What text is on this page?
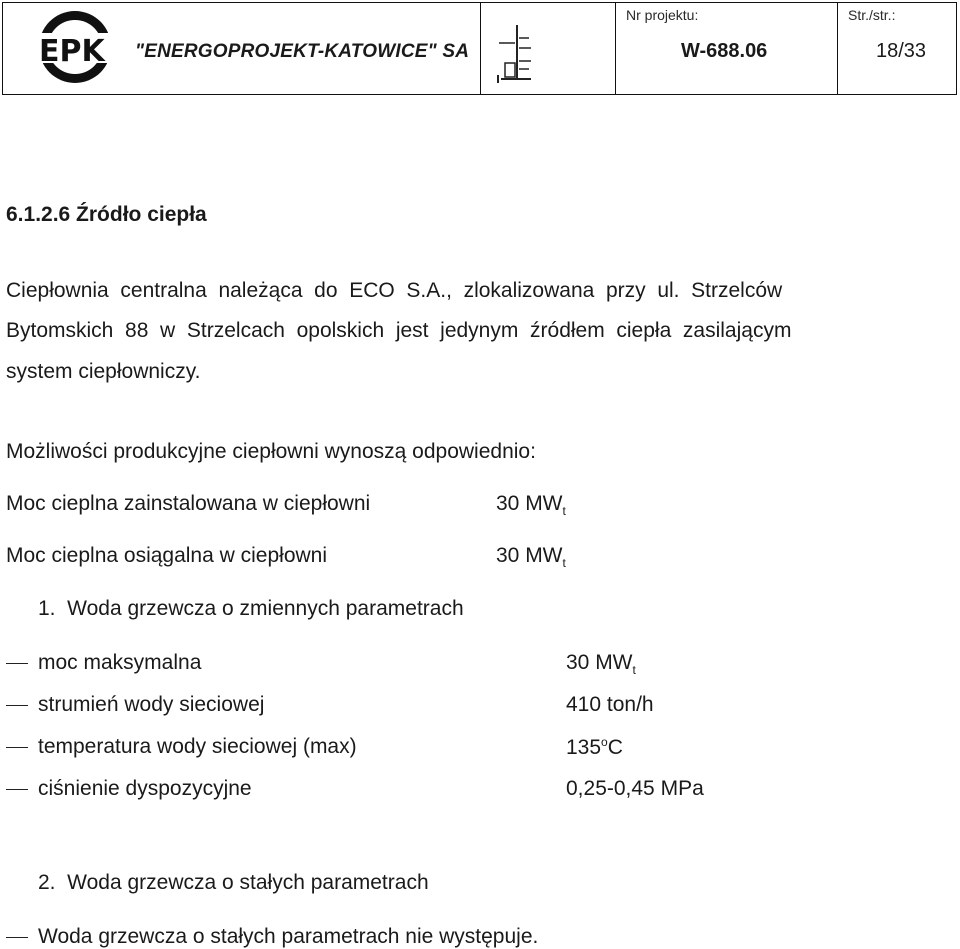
EPK "ENERGOPROJEKT-KATOWICE" SA
Nr projektu:
W-688.06
Str./str.:
18/33
6.1.2.6 Źródło ciepła
Ciepłownia  centralna  należąca  do  ECO  S.A.,  zlokalizowana  przy  ul.  Strzelców
Bytomskich  88  w  Strzelcach  opolskich  jest  jedynym  źródłem  ciepła  zasilającym
system ciepłowniczy.
Możliwości produkcyjne ciepłowni wynoszą odpowiednio:
Moc cieplna zainstalowana w ciepłowni	30 $MW_t$
Moc cieplna osiągalna w ciepłowni	30 $MW_t$
1.  Woda grzewcza o zmiennych parametrach
moc maksymalna	30 $MW_t$
strumień wody sieciowej	410 ton/h
temperatura wody sieciowej (max)	135$^o$C
ciśnienie dyspozycyjne	0,25-0,45 MPa
2.  Woda grzewcza o stałych parametrach
Woda grzewcza o stałych parametrach nie występuje.
